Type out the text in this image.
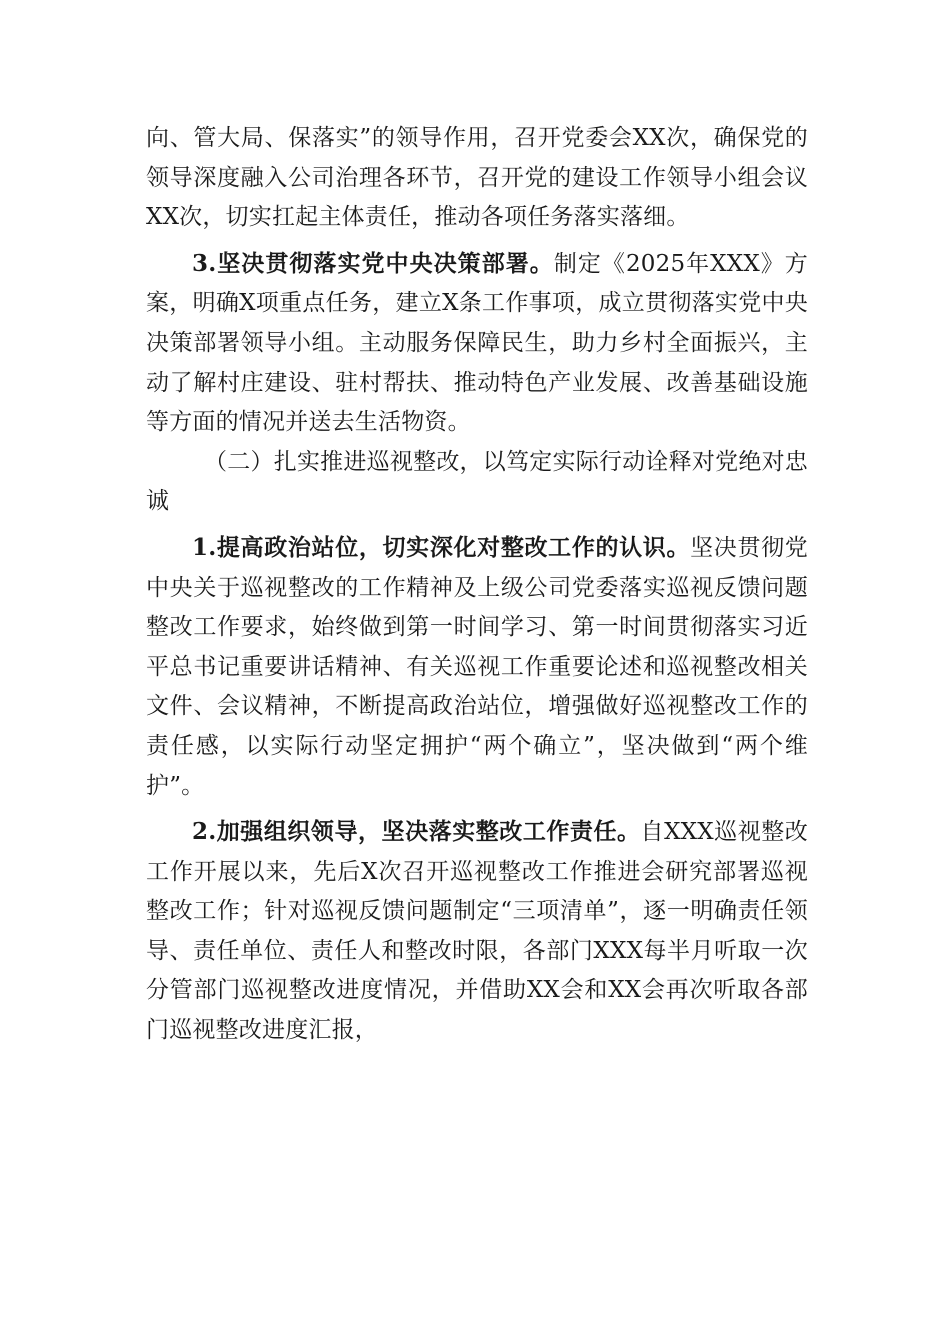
向、管大局、保落实”的领导作用，召开党委会XX次，确保党的领导深度融入公司治理各环节，召开党的建设工作领导小组会议XX次，切实扛起主体责任，推动各项任务落实落细。

3.坚决贯彻落实党中央决策部署。制定《2025年XXX》方案，明确X项重点任务，建立X条工作事项，成立贯彻落实党中央决策部署领导小组。主动服务保障民生，助力乡村全面振兴，主动了解村庄建设、驻村帮扶、推动特色产业发展、改善基础设施等方面的情况并送去生活物资。

（二）扎实推进巡视整改，以笃定实际行动诠释对党绝对忠诚

1.提高政治站位，切实深化对整改工作的认识。坚决贯彻党中央关于巡视整改的工作精神及上级公司党委落实巡视反馈问题整改工作要求，始终做到第一时间学习、第一时间贯彻落实习近平总书记重要讲话精神、有关巡视工作重要论述和巡视整改相关文件、会议精神，不断提高政治站位，增强做好巡视整改工作的责任感，以实际行动坚定拥护“两个确立”，坚决做到“两个维护”。

2.加强组织领导，坚决落实整改工作责任。自XXX巡视整改工作开展以来，先后X次召开巡视整改工作推进会研究部署巡视整改工作；针对巡视反馈问题制定“三项清单”，逐一明确责任领导、责任单位、责任人和整改时限，各部门XXX每半月听取一次分管部门巡视整改进度情况，并借助XX会和XX会再次听取各部门巡视整改进度汇报，
